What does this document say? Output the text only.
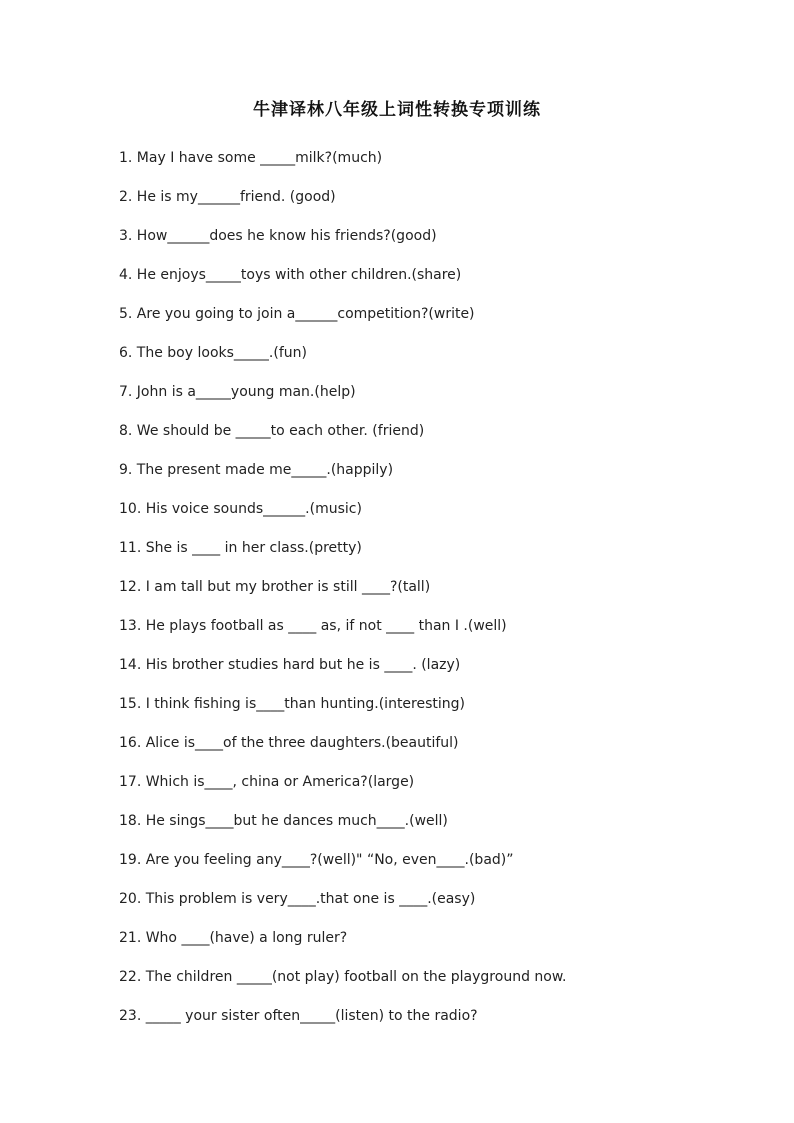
牛津译林八年级上词性转换专项训练
1. May I have some _____milk?(much)
2. He is my______friend. (good)
3. How______does he know his friends?(good)
4. He enjoys_____toys with other children.(share)
5. Are you going to join a______competition?(write)
6. The boy looks_____.(fun)
7. John is a_____young man.(help)
8. We should be _____to each other. (friend)
9. The present made me_____.(happily)
10. His voice sounds______.(music)
11. She is ____ in her class.(pretty)
12. I am tall but my brother is still ____?(tall)
13. He plays football as ____ as, if not ____ than I .(well)
14. His brother studies hard but he is ____. (lazy)
15. I think fishing is____than hunting.(interesting)
16. Alice is____of the three daughters.(beautiful)
17. Which is____, china or America?(large)
18. He sings____but he dances much____.(well)
19. Are you feeling any____?(well)" “No, even____.(bad)”
20. This problem is very____.that one is ____.(easy)
21. Who ____(have) a long ruler?
22. The children _____(not play) football on the playground now.
23. _____ your sister often_____(listen) to the radio?
